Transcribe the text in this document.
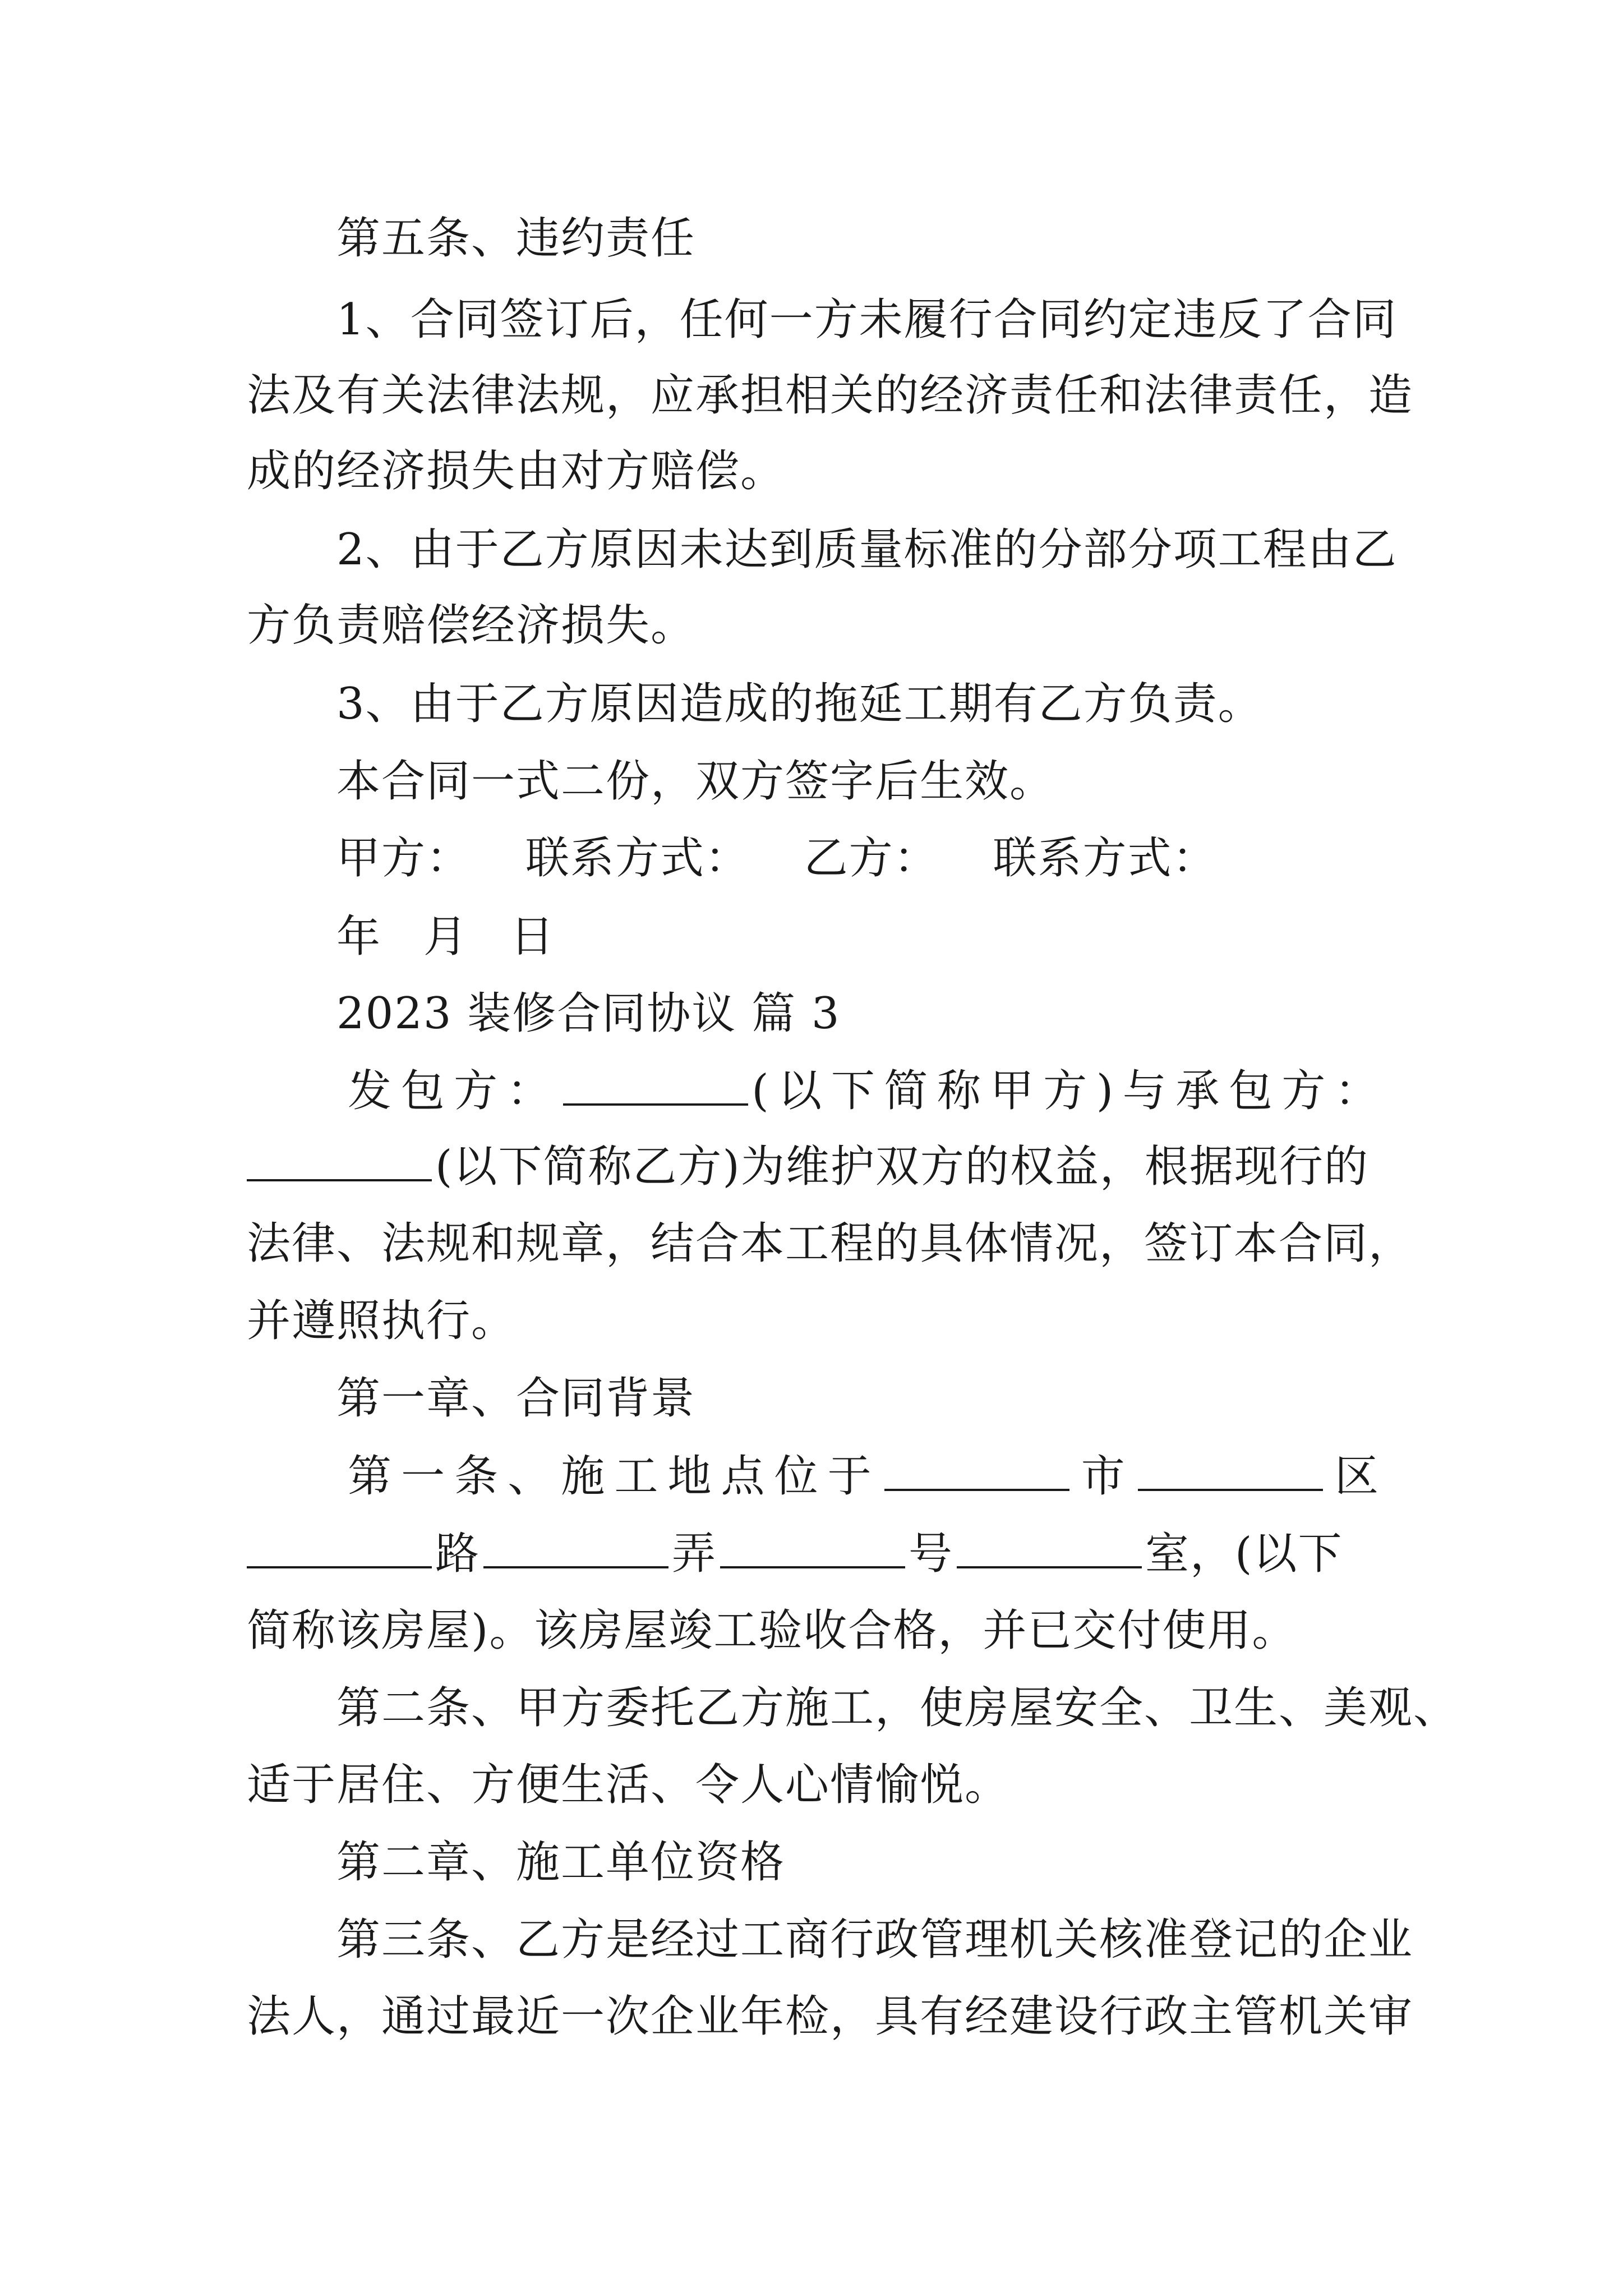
第五条、违约责任
1、合同签订后，任何一方未履行合同约定违反了合同
法及有关法律法规，应承担相关的经济责任和法律责任，造
成的经济损失由对方赔偿。
2、由于乙方原因未达到质量标准的分部分项工程由乙
方负责赔偿经济损失。
3、由于乙方原因造成的拖延工期有乙方负责。
本合同一式二份，双方签字后生效。
甲方： 联系方式： 乙方： 联系方式：
年 月 日
2023 装修合同协议 篇 3
发包方：	(以下简称甲方)与承包方：
(以下简称乙方)为维护双方的权益，根据现行的
法律、法规和规章，结合本工程的具体情况，签订本合同，
并遵照执行。
第一章、合同背景
第一条、施工地点位于	市	区
路	弄	号	室，(以下
简称该房屋)。该房屋竣工验收合格，并已交付使用。
第二条、甲方委托乙方施工，使房屋安全、卫生、美观、
适于居住、方便生活、令人心情愉悦。
第二章、施工单位资格
第三条、乙方是经过工商行政管理机关核准登记的企业
法人，通过最近一次企业年检，具有经建设行政主管机关审
